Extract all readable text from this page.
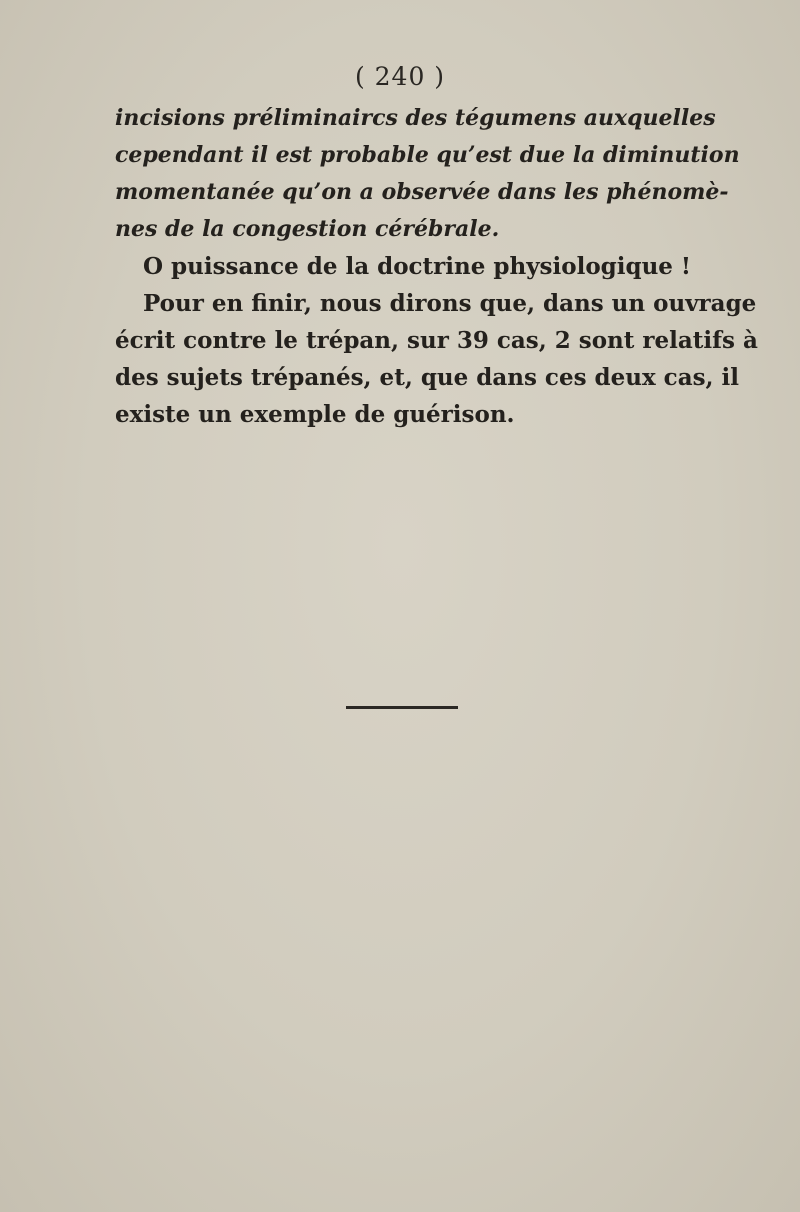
( 240 )
incisions préliminaircs des tégumens auxquelles
cependant il est probable qu’est due la diminution
momentanée qu’on a observée dans les phénomè-
nes de la congestion cérébrale.
O puissance de la doctrine physiologique !
Pour en finir, nous dirons que, dans un ouvrage
écrit contre le trépan, sur 39 cas, 2 sont relatifs à
des sujets trépanés, et, que dans ces deux cas, il
existe un exemple de guérison.
